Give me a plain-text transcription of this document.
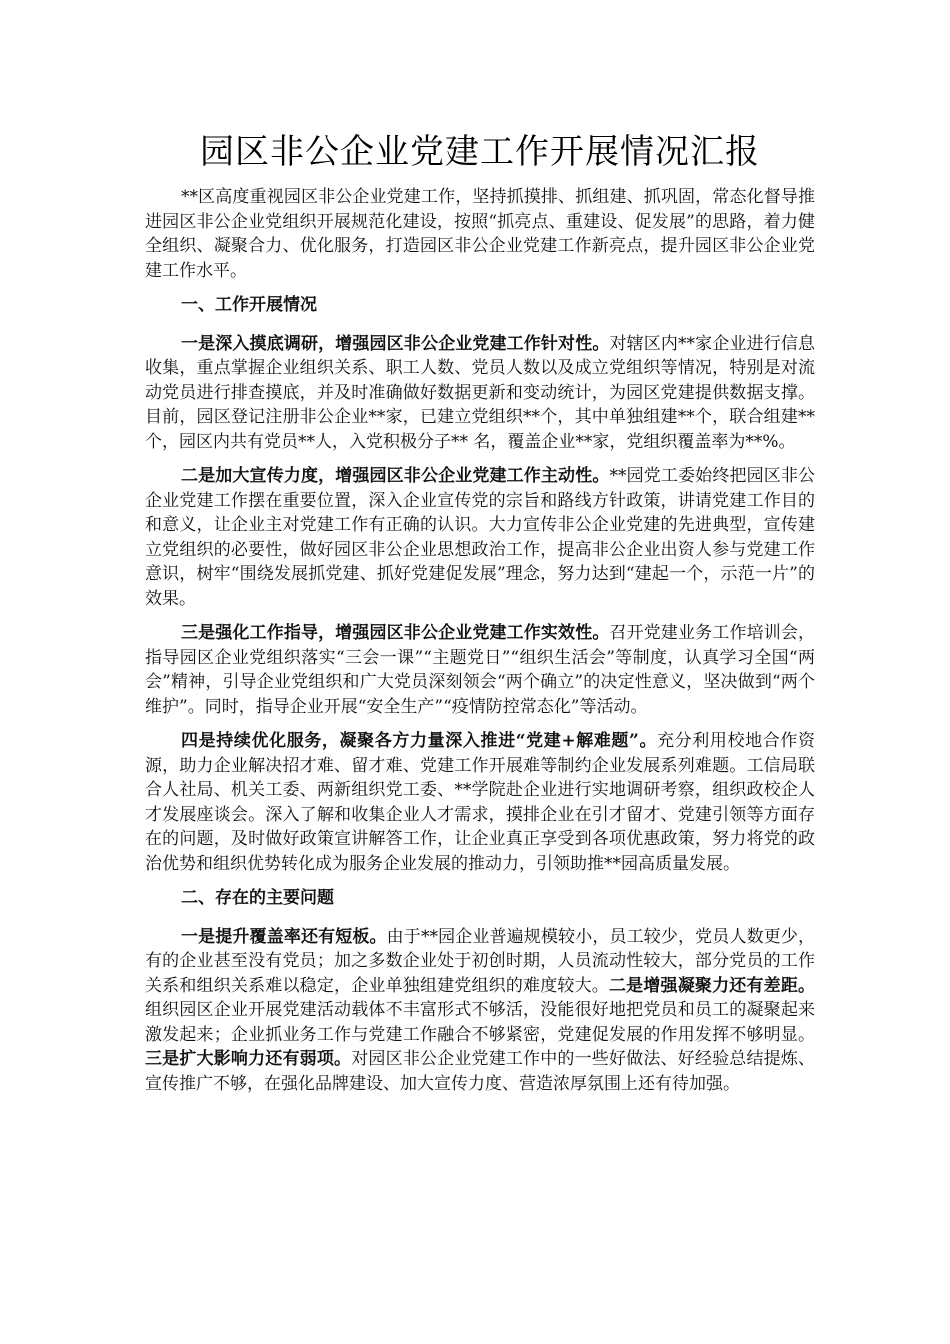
园区非公企业党建工作开展情况汇报

**区高度重视园区非公企业党建工作，坚持抓摸排、抓组建、抓巩固，常态化督导推进园区非公企业党组织开展规范化建设，按照“抓亮点、重建设、促发展”的思路，着力健全组织、凝聚合力、优化服务，打造园区非公企业党建工作新亮点，提升园区非公企业党建工作水平。

一、工作开展情况

一是深入摸底调研，增强园区非公企业党建工作针对性。对辖区内**家企业进行信息收集，重点掌握企业组织关系、职工人数、党员人数以及成立党组织等情况，特别是对流动党员进行排查摸底，并及时准确做好数据更新和变动统计，为园区党建提供数据支撑。目前，园区登记注册非公企业**家，已建立党组织**个，其中单独组建**个，联合组建**个，园区内共有党员**人，入党积极分子** 名，覆盖企业**家，党组织覆盖率为**%。

二是加大宣传力度，增强园区非公企业党建工作主动性。**园党工委始终把园区非公企业党建工作摆在重要位置，深入企业宣传党的宗旨和路线方针政策，讲请党建工作目的和意义，让企业主对党建工作有正确的认识。大力宣传非公企业党建的先进典型，宣传建立党组织的必要性，做好园区非公企业思想政治工作，提高非公企业出资人参与党建工作意识，树牢“围绕发展抓党建、抓好党建促发展”理念，努力达到“建起一个，示范一片”的效果。

三是强化工作指导，增强园区非公企业党建工作实效性。召开党建业务工作培训会，指导园区企业党组织落实“三会一课”“主题党日”“组织生活会”等制度，认真学习全国“两会”精神，引导企业党组织和广大党员深刻领会“两个确立”的决定性意义，坚决做到“两个维护”。同时，指导企业开展“安全生产”“疫情防控常态化”等活动。

四是持续优化服务，凝聚各方力量深入推进“党建+解难题”。充分利用校地合作资源，助力企业解决招才难、留才难、党建工作开展难等制约企业发展系列难题。工信局联合人社局、机关工委、两新组织党工委、**学院赴企业进行实地调研考察，组织政校企人才发展座谈会。深入了解和收集企业人才需求，摸排企业在引才留才、党建引领等方面存在的问题，及时做好政策宣讲解答工作，让企业真正享受到各项优惠政策，努力将党的政治优势和组织优势转化成为服务企业发展的推动力，引领助推**园高质量发展。

二、存在的主要问题

一是提升覆盖率还有短板。由于**园企业普遍规模较小，员工较少，党员人数更少，有的企业甚至没有党员；加之多数企业处于初创时期，人员流动性较大，部分党员的工作关系和组织关系难以稳定，企业单独组建党组织的难度较大。二是增强凝聚力还有差距。组织园区企业开展党建活动载体不丰富形式不够活，没能很好地把党员和员工的凝聚起来激发起来；企业抓业务工作与党建工作融合不够紧密，党建促发展的作用发挥不够明显。三是扩大影响力还有弱项。对园区非公企业党建工作中的一些好做法、好经验总结提炼、宣传推广不够，在强化品牌建设、加大宣传力度、营造浓厚氛围上还有待加强。
